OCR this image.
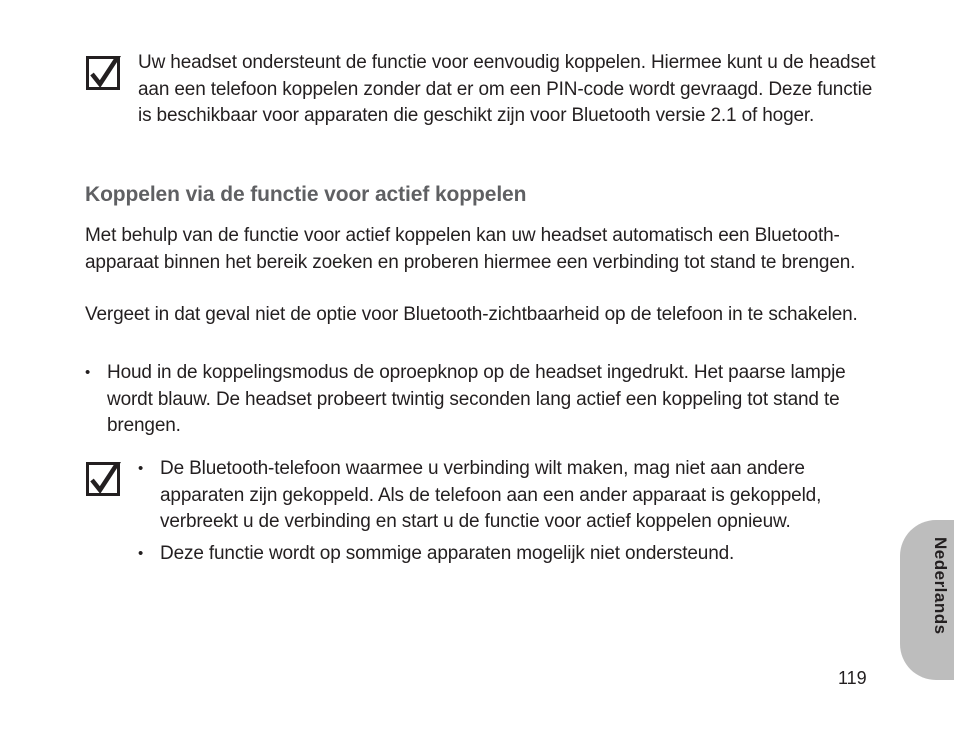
Uw headset ondersteunt de functie voor eenvoudig koppelen. Hiermee kunt u de headset aan een telefoon koppelen zonder dat er om een PIN-code wordt gevraagd. Deze functie is beschikbaar voor apparaten die geschikt zijn voor Bluetooth versie 2.1 of hoger.
Koppelen via de functie voor actief koppelen

Met behulp van de functie voor actief koppelen kan uw headset automatisch een Bluetooth-apparaat binnen het bereik zoeken en proberen hiermee een verbinding tot stand te brengen.

Vergeet in dat geval niet de optie voor Bluetooth-zichtbaarheid op de telefoon in te schakelen.

• Houd in de koppelingsmodus de oproepknop op de headset ingedrukt. Het paarse lampje wordt blauw. De headset probeert twintig seconden lang actief een koppeling tot stand te brengen.
• De Bluetooth-telefoon waarmee u verbinding wilt maken, mag niet aan andere apparaten zijn gekoppeld. Als de telefoon aan een ander apparaat is gekoppeld, verbreekt u de verbinding en start u de functie voor actief koppelen opnieuw.
• Deze functie wordt op sommige apparaten mogelijk niet ondersteund.	Nederlands
119
